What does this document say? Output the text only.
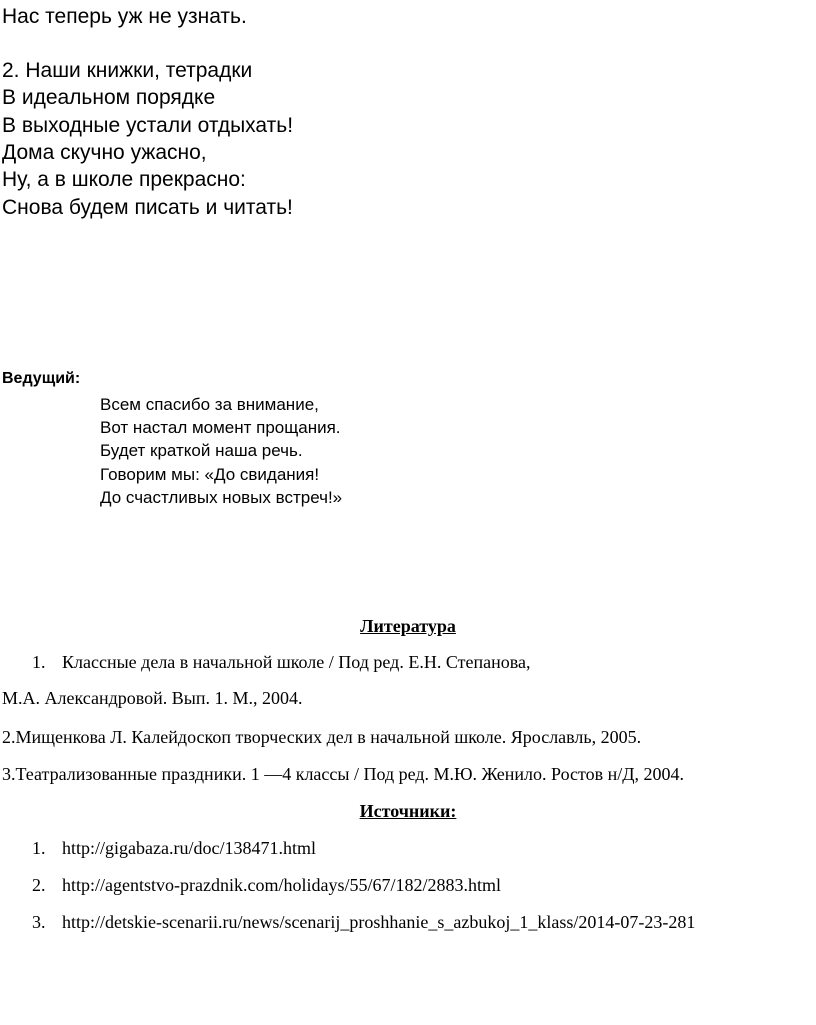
Нас теперь уж не узнать.
2. Наши книжки, тетрадки
В идеальном порядке
В выходные устали отдыхать!
Дома скучно ужасно,
Ну, а в школе прекрасно:
Снова будем писать и читать!
Ведущий:
Всем спасибо за внимание,
Вот настал момент прощания.
Будет краткой наша речь.
Говорим мы: «До свидания!
До счастливых новых встреч!»
Литература
1. Классные дела в начальной школе / Под ред. Е.Н. Степанова,
М.А. Александровой. Вып. 1. М., 2004.
2.Мищенкова Л. Калейдоскоп творческих дел в начальной школе. Ярославль, 2005.
3.Театрализованные праздники. 1 —4 классы / Под ред. М.Ю. Женило. Ростов н/Д, 2004.
Источники:
1. http://gigabaza.ru/doc/138471.html
2. http://agentstvo-prazdnik.com/holidays/55/67/182/2883.html
3. http://detskie-scenarii.ru/news/scenarij_proshhanie_s_azbukoj_1_klass/2014-07-23-281
